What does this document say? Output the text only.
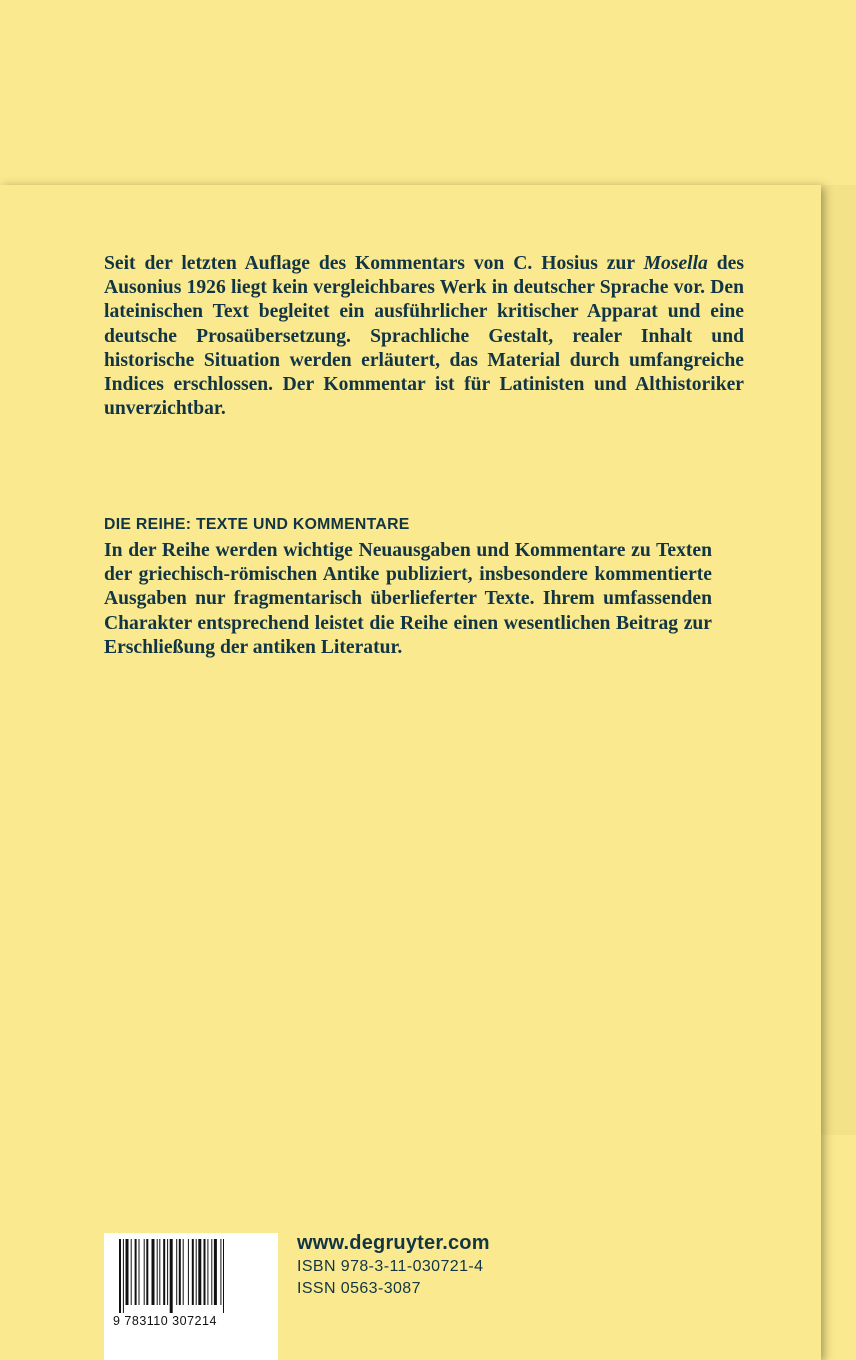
Seit der letzten Auflage des Kommentars von C. Hosius zur Mosella des Ausonius 1926 liegt kein vergleichbares Werk in deutscher Sprache vor. Den lateinischen Text begleitet ein ausführlicher kritischer Apparat und eine deutsche Prosaübersetzung. Sprachliche Gestalt, realer Inhalt und historische Situation werden erläutert, das Material durch umfangreiche Indices erschlossen. Der Kommentar ist für Latinisten und Althistoriker unverzichtbar.

DIE REIHE: TEXTE UND KOMMENTARE

In der Reihe werden wichtige Neuausgaben und Kommentare zu Texten der griechisch-römischen Antike publiziert, insbesondere kommentierte Ausgaben nur fragmentarisch überlieferter Texte. Ihrem umfassenden Charakter entsprechend leistet die Reihe einen wesentlichen Beitrag zur Erschließung der antiken Literatur.

9 783110 307214
www.degruyter.com
ISBN 978-3-11-030721-4
ISSN 0563-3087
